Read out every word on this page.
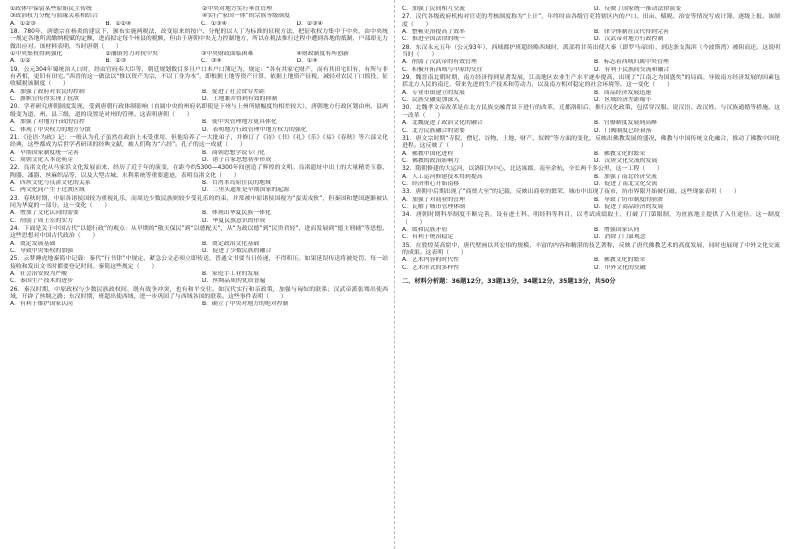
①政体中保留某些原始民主传统	②中央对地方实行垂直管理
③政治权力分配与血缘关系相结合	④实行“家国一体”的宗族等级制度
A．①②③	B．①②④	C．①③④	D．②③④
18．780年，唐德宗在杨炎的建议下，颁布实施两税法，改变原来的按户、分配的以人丁为标准的征税方法，把征收权力集中于中央，由中央统一规定各地所需缴纳税赋的定额，进而拟定每个州县的税额，但由于唐朝中央无力控制地方，所以在税法推行过程中遭到各地的抵制，户部却无力做出应对。该材料表明，当时唐朝（　　）
①中央集权得到强化	②藩镇势力对抗中央	③中央财政面临困难	④财政制度有所创新
A．①②	B．②③	C．③④	D．①④
19．公元304年蜀统治人口时，经由官府奏大臣等，朝廷规划数目多且户口本户口簿记为，规定：“各有其家宅财产，而有其田宅旧有，有所与非有者相，更旧有田宅。”西晋的这一做法以“惟以资产为宗，不以丁身为本”，即根据土地等资产计算，依据土地资产征税，减轻对农民丁口徭役，征收赋税该制度（　　）
A．加强了政府对农民的控制	B．促进了社会贫穷差距
C．旗帜宣传得实现了抗敌	D．土地兼并得到有效的抑制
20．学者研究唐朝制度发现，受到唐朝行政体制影响（直属中央的州府名即使是下州与上州所辖幅度均相差较大），唐朝地方行政区划由州、县两级变为道、州、县三级，道的设置是对州的管理。这表明唐朝（　　）
A．加强了对地方行政的管控	B．使中央管理地方更具体化
C．体现了中央权力的地方分散	D．表明地方行政管理中地方权力的强化
21．《论语·为政》记：一般认为孔子虽然在政治上未受重用，但他培养了一大批弟子，并修订了《诗》《书》《礼》《乐》《易》《春秋》等六部文化经典，这些都成为后世学者研读的经典文献，被人们称为“六经”。孔子的这一成就（　　）
A．早期国家制度统一完善	B．商朝思想学说专门化
C．周朝文化人本论萌芽	D．诸子百家思想初步形成
22．良渚文化从马家浜文化发展而来，经历了近千年的演变，在距今约5300—4300年间创造了辉煌的文明。良渚遗址中出土的大量精美玉器、陶器、漆器、丝麻织品等，以及大型古城、水利系统等重要遗迹，表明良渚文化（　　）
A．四坝文化与良渚文化的关系	B．台湾本岛原住民的地域
C．两文化同产生于过渡区域	D．二里头遗址是早期国家的起源
23．春秋时期，中原各诸侯国较为重视礼乐，而周边少数民族则较少受礼乐的约束，并常被中原诸侯国视为“蛮夷戎狄”，但秦国和楚国逐渐被认同为华夏的一部分。这一变化（　　）
A．增加了文化认同的需要	B．体现出华夏民族一体化
C．削弱了周王室的实力	D．华夏民族意识的形成
24．下面是关于中国古代“以德行政”的观点：从早期的“敬天保民”到“以德配天”，从“为政以德”到“民贵君轻”，进而发展到“德主刑辅”等思想。这些思想对中国古代政治（　　）
A．奠定发展基础	B．奠定政治文化基础
C．导致中央集权的加强	D．促进了少数民族的融合
25．云梦睡虎地秦简中记载：秦代“行书律”中规定，紧急公文必须立即传送，普通文书要当日传递，不得积压。如果延误传送将被处罚，每一站接收和发出文书时都要登记时间。秦简这些规定（　　）
A．社会治安较为严峻	B．家庭手工业的发展
C．秦国生产技术的进步	D．丝绸品质的优质普遍
26．秦汉时期，中原政权与少数民族政权间，既有战争冲突，也有和平交往。如汉代实行和亲政策，加强与匈奴的联系；汉武帝派张骞出使西域，开辟了丝绸之路；东汉时期，班超出使西域，进一步巩固了与西域各国的联系。这些事件表明（　　）
A．有利于维护国家认同	B．确立了中央对地方的绝对控制
C．加强了民间相互交流	D．反映了国家统一推动法律演变
27．汉代各级政府机构对官吏的考核制度称为“上计”，年终时由各级官吏将辖区内的户口、田亩、赋税、治安等情况写成计簿，逐级上报。该制度（　　）
A．整顿吏治提高了效率	B．律令体制在汉代得到完善
C．推进全国法律的统一	D．汉武帝对地方行政控制
28．东汉永元五年（公元93年），西域都护班超经略西域时，派部将甘英出使大秦（即罗马帝国），到达条支海滨（今波斯湾）被阻而还。这说明当时（　　）
A．削弱了汉武帝的有效管理	B．标志着西域归属中央管理
C．积极开拓西域与中原的交往	D．有利于民族间交流和融合
29．魏晋南北朝时期，南方经济得到显著发展，江南地区农业生产水平逐步提高，出现了“江南之为国盛矣”的局面。导致南方经济发展的因素包括北方人民的南迁，带来先进的生产技术和劳动力，以及南方相对稳定的社会环境等。这一变化（　　）
A．专业市镇建立的发展	B．商品经济发展迅速
C．民族交融更加深入	D．区域经济差距缩小
30．北魏孝文帝改革是在北方民族交融背景下进行的改革，迁都洛阳后，推行汉化政策，包括穿汉服、说汉语、改汉姓、与汉族通婚等措施。这一改革（　　）
A．北魏促进了政治文化的融合	B．官僚制度发展到高峰
C．北方民族融合的需要	D．门阀制度已经衰落
31．唐文宗时期“寺院、僧尼、谷物、土地、财产、奴婢”等方面的变化，反映出佛教发展的盛况，佛教与中国传统文化融合，推动了佛教中国化进程。这反映了（　　）
A．佛教中国化进程	B．佛教文化的繁荣
C．佛教的政治影响力	D．汉唐文化交流的发展
32．隋朝修建的大运河，以洛阳为中心，北达涿郡，南至余杭，全长两千多公里，这一工程（　　）
A．人工运河修建技术得到提高	B．加强了南北经济交流
C．经济重心开始南移	D．促进了南北文化交流
33．唐朝中后期出现了“商贾大至”的记载，反映出商业的繁荣，城市中出现了夜市，坊市界限开始被打破。这些现象表明（　　）
A．加强了对商业的管理	B．导致了坊市制度的崩溃
C．瓦解了城市管理体制	D．促进了商品经济的发展
34．唐朝时期科举制度不断完善，设有进士科、明经科等科目，以考试成绩取士，打破了门第限制，为庶族地主提供了入仕途径。这一制度（　　）
A．缓和民族矛盾	B．增强国家认同
C．有利于统治稳定	D．消除了门第观念
35．在敦煌莫高窟中，唐代壁画以其宏伟的规模、丰富的内容和精湛的技艺著称，反映了唐代佛教艺术的高度发展，同时也展现了中外文化交流的成果。这表明（　　）
A．艺术内容的时代性	B．佛教文化的繁荣
C．艺术形式的多样性	D．中外文化的交融
二、材料分析题：36题12分，33题13分，34题12分，35题13分，共50分
